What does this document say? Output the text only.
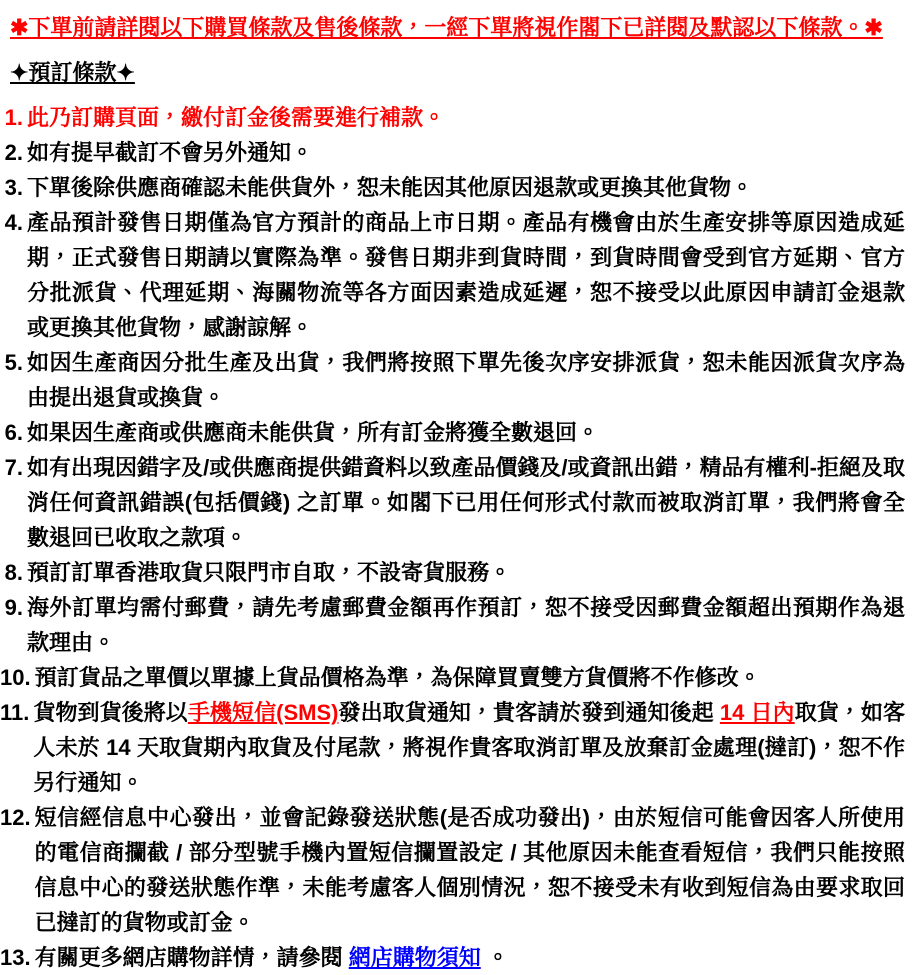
✱下單前請詳閱以下購買條款及售後條款，一經下單將視作閣下已詳閱及默認以下條款。✱

✦預訂條款✦

1. 此乃訂購頁面，繳付訂金後需要進行補款。
2. 如有提早截訂不會另外通知。
3. 下單後除供應商確認未能供貨外，恕未能因其他原因退款或更換其他貨物。
4. 產品預計發售日期僅為官方預計的商品上市日期。產品有機會由於生產安排等原因造成延期，正式發售日期請以實際為準。發售日期非到貨時間，到貨時間會受到官方延期、官方分批派貨、代理延期、海關物流等各方面因素造成延遲，恕不接受以此原因申請訂金退款或更換其他貨物，感謝諒解。
5. 如因生產商因分批生產及出貨，我們將按照下單先後次序安排派貨，恕未能因派貨次序為由提出退貨或換貨。
6. 如果因生產商或供應商未能供貨，所有訂金將獲全數退回。
7. 如有出現因錯字及/或供應商提供錯資料以致產品價錢及/或資訊出錯，精品有權利-拒絕及取消任何資訊錯誤(包括價錢) 之訂單。如閣下已用任何形式付款而被取消訂單，我們將會全數退回已收取之款項。
8. 預訂訂單香港取貨只限門市自取，不設寄貨服務。
9. 海外訂單均需付郵費，請先考慮郵費金額再作預訂，恕不接受因郵費金額超出預期作為退款理由。
10. 預訂貨品之單價以單據上貨品價格為準，為保障買賣雙方貨價將不作修改。
11. 貨物到貨後將以手機短信(SMS)發出取貨通知，貴客請於發到通知後起 14 日內取貨，如客人未於 14 天取貨期內取貨及付尾款，將視作貴客取消訂單及放棄訂金處理(撻訂)，恕不作另行通知。
12. 短信經信息中心發出，並會記錄發送狀態(是否成功發出)，由於短信可能會因客人所使用的電信商攔截 / 部分型號手機內置短信攔置設定 / 其他原因未能查看短信，我們只能按照信息中心的發送狀態作準，未能考慮客人個別情況，恕不接受未有收到短信為由要求取回已撻訂的貨物或訂金。
13. 有關更多網店購物詳情，請參閱 網店購物須知 。
